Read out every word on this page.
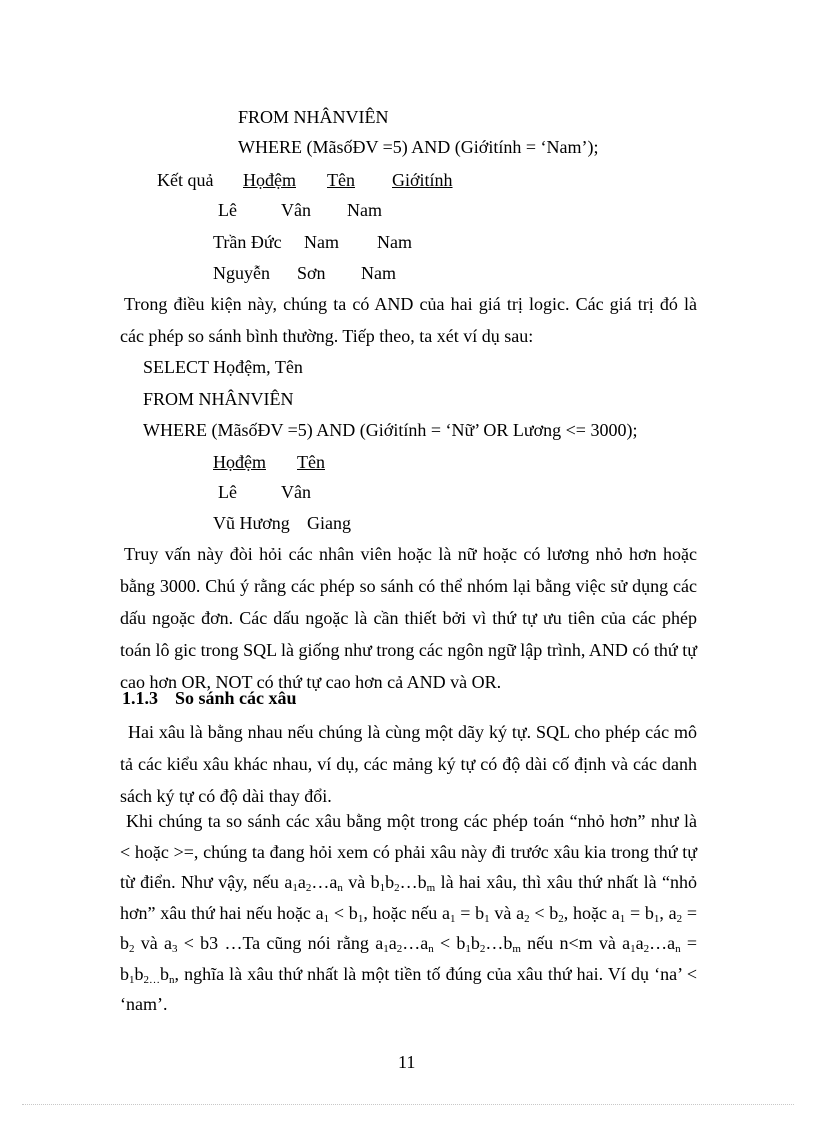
FROM NHÂNVIÊN
WHERE (MãsốĐV =5) AND (Giớitính = ‘Nam’);
Kết quả Họđệm Tên Giớitính
Lê Vân Nam
Trần Đức Nam Nam
Nguyễn Sơn Nam
Trong điều kiện này, chúng ta có AND của hai giá trị logic. Các giá trị đó là các phép so sánh bình thường. Tiếp theo, ta xét ví dụ sau:
SELECT Họđệm, Tên
FROM NHÂNVIÊN
WHERE (MãsốĐV =5) AND (Giớitính = ‘Nữ’ OR Lương <= 3000);
Họđệm Tên
Lê Vân
Vũ Hương Giang
Truy vấn này đòi hỏi các nhân viên hoặc là nữ hoặc có lương nhỏ hơn hoặc bằng 3000. Chú ý rằng các phép so sánh có thể nhóm lại bằng việc sử dụng các dấu ngoặc đơn. Các dấu ngoặc là cần thiết bởi vì thứ tự ưu tiên của các phép toán lô gic trong SQL là giống như trong các ngôn ngữ lập trình, AND có thứ tự cao hơn OR, NOT có thứ tự cao hơn cả AND và OR.
1.1.3 So sánh các xâu
Hai xâu là bằng nhau nếu chúng là cùng một dãy ký tự. SQL cho phép các mô tả các kiểu xâu khác nhau, ví dụ, các mảng ký tự có độ dài cố định và các danh sách ký tự có độ dài thay đổi.
Khi chúng ta so sánh các xâu bằng một trong các phép toán “nhỏ hơn” như là < hoặc >=, chúng ta đang hỏi xem có phải xâu này đi trước xâu kia trong thứ tự từ điển. Như vậy, nếu $a_1a_2\dots a_n$ và $b_1b_2\dots b_m$ là hai xâu, thì xâu thứ nhất là “nhỏ hơn” xâu thứ hai nếu hoặc $a_1 < b_1$, hoặc nếu $a_1 = b_1$ và $a_2 < b_2$, hoặc $a_1 = b_1$, $a_2 = b_2$ và $a_3 < b3$ …Ta cũng nói rằng $a_1a_2\dots a_n$ < $b_1b_2\dots b_m$ nếu n<m và $a_1a_2\dots a_n = b_1b_{2\dots}b_n$, nghĩa là xâu thứ nhất là một tiền tố đúng của xâu thứ hai. Ví dụ ‘na’ < ‘nam’.
11
